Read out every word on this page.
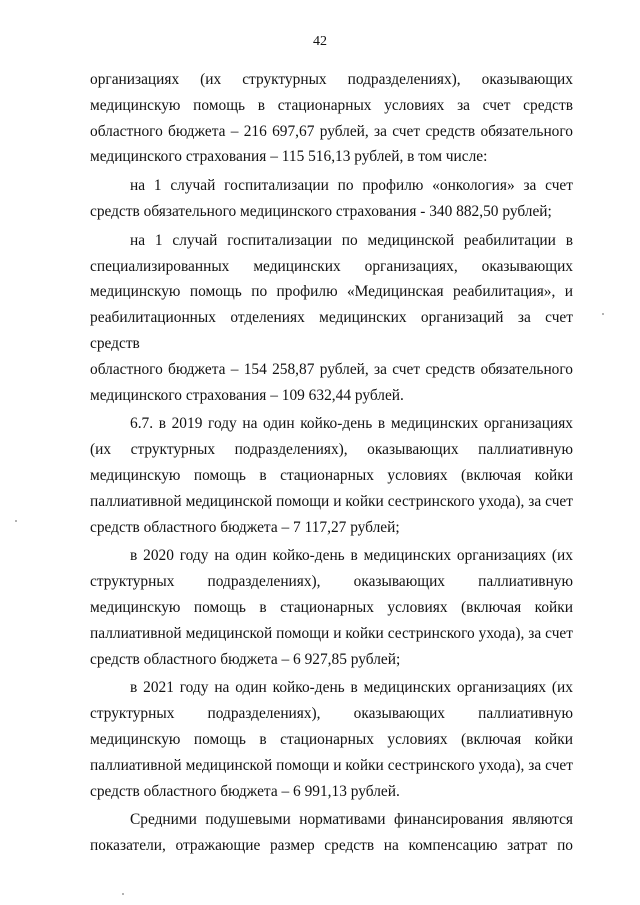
42

организациях (их структурных подразделениях), оказывающих
медицинскую помощь в стационарных условиях за счет средств
областного бюджета – 216 697,67 рублей, за счет средств обязательного
медицинского страхования – 115 516,13 рублей, в том числе:

на 1 случай госпитализации по профилю «онкология» за счет
средств обязательного медицинского страхования - 340 882,50 рублей;

на 1 случай госпитализации по медицинской реабилитации в
специализированных медицинских организациях, оказывающих
медицинскую помощь по профилю «Медицинская реабилитация», и
реабилитационных отделениях медицинских организаций за счет средств
областного бюджета – 154 258,87 рублей, за счет средств обязательного
медицинского страхования – 109 632,44 рублей.

6.7. в 2019 году на один койко-день в медицинских организациях
(их структурных подразделениях), оказывающих паллиативную
медицинскую помощь в стационарных условиях (включая койки
паллиативной медицинской помощи и койки сестринского ухода), за счет
средств областного бюджета – 7 117,27 рублей;

в 2020 году на один койко-день в медицинских организациях (их
структурных подразделениях), оказывающих паллиативную
медицинскую помощь в стационарных условиях (включая койки
паллиативной медицинской помощи и койки сестринского ухода), за счет
средств областного бюджета – 6 927,85 рублей;

в 2021 году на один койко-день в медицинских организациях (их
структурных подразделениях), оказывающих паллиативную
медицинскую помощь в стационарных условиях (включая койки
паллиативной медицинской помощи и койки сестринского ухода), за счет
средств областного бюджета – 6 991,13 рублей.

Средними подушевыми нормативами финансирования являются
показатели, отражающие размер средств на компенсацию затрат по
